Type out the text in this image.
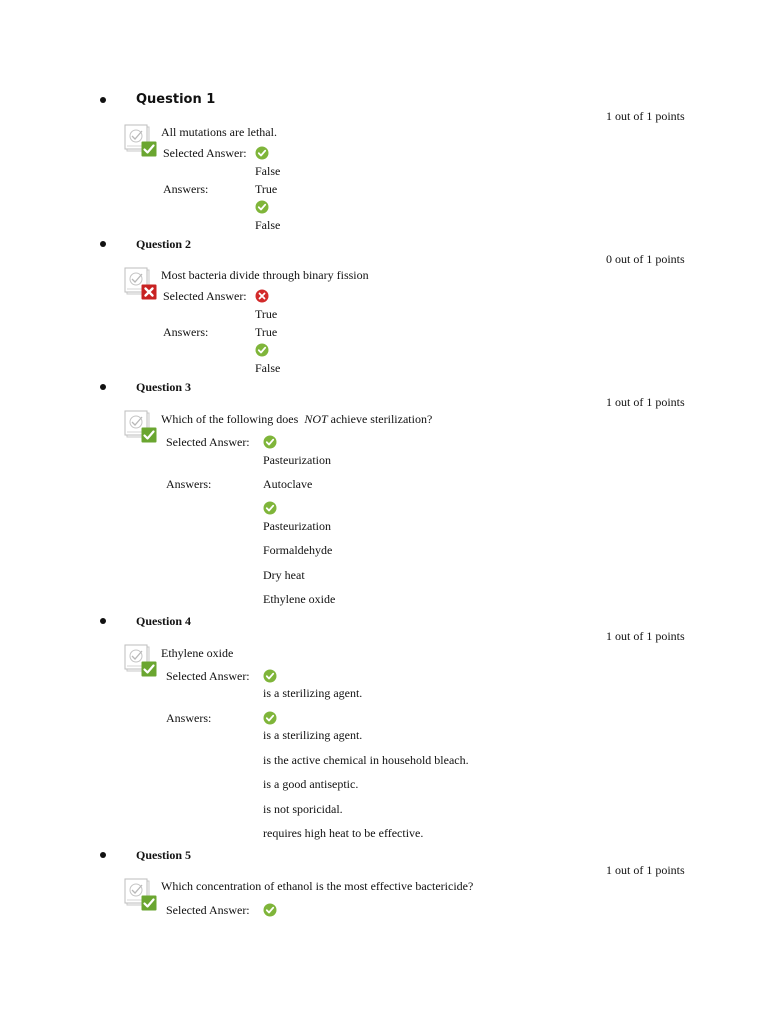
Question 1
1 out of 1 points
All mutations are lethal.
Selected Answer:
False
Answers:	True
False
Question 2
0 out of 1 points
Most bacteria divide through binary fission
Selected Answer:
True
Answers:	True
False
Question 3
1 out of 1 points
Which of the following does NOT achieve sterilization?
Selected Answer:
Pasteurization
Answers:	Autoclave
Pasteurization
Formaldehyde
Dry heat
Ethylene oxide
Question 4
1 out of 1 points
Ethylene oxide
Selected Answer:
is a sterilizing agent.
Answers:
is a sterilizing agent.
is the active chemical in household bleach.
is a good antiseptic.
is not sporicidal.
requires high heat to be effective.
Question 5
1 out of 1 points
Which concentration of ethanol is the most effective bactericide?
Selected Answer:
